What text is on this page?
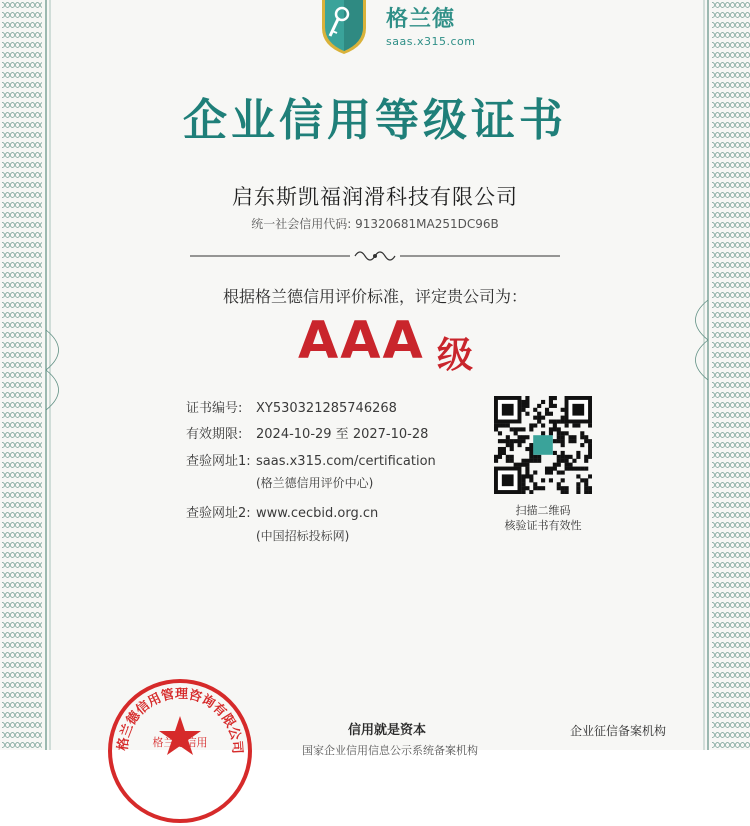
格兰德
saas.x315.com
企业信用等级证书
启东斯凯福润滑科技有限公司
统一社会信用代码: 91320681MA251DC96B
根据格兰德信用评价标准，评定贵公司为：
AAA 级
证书编号: XY530321285746268
有效期限: 2024-10-29 至 2027-10-28
查验网址1: saas.x315.com/certification
(格兰德信用评价中心)
查验网址2: www.cecbid.org.cn
(中国招标投标网)
扫描二维码
核验证书有效性
格兰德信用管理咨询有限公司
格兰德信用
信用就是资本
国家企业信用信息公示系统备案机构
企业征信备案机构
